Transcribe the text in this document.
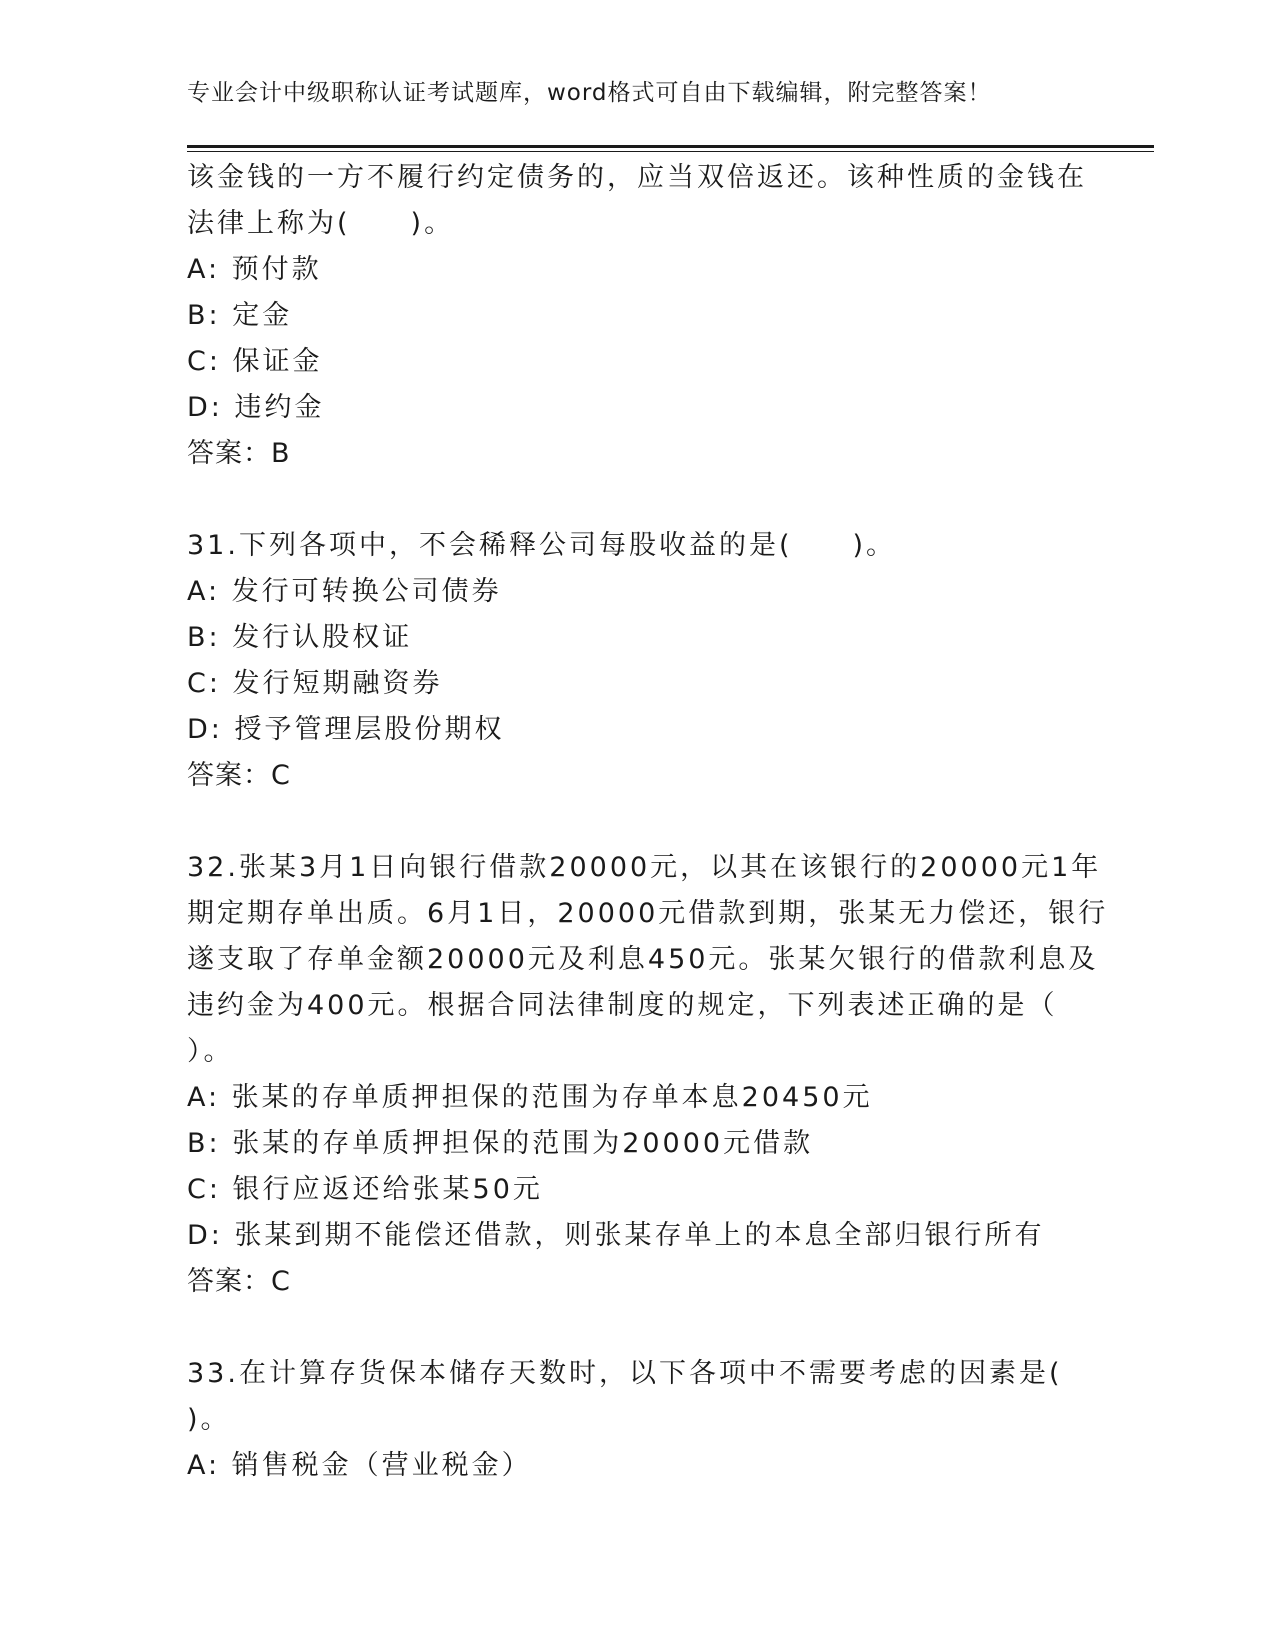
专业会计中级职称认证考试题库，word格式可自由下载编辑，附完整答案！
该金钱的一方不履行约定债务的，应当双倍返还。该种性质的金钱在
法律上称为(　　)。
A: 预付款
B: 定金
C: 保证金
D: 违约金
答案：B
31.下列各项中，不会稀释公司每股收益的是(　　)。
A: 发行可转换公司债券
B: 发行认股权证
C: 发行短期融资券
D: 授予管理层股份期权
答案：C
32.张某3月1日向银行借款20000元，以其在该银行的20000元1年
期定期存单出质。6月1日，20000元借款到期，张某无力偿还，银行
遂支取了存单金额20000元及利息450元。张某欠银行的借款利息及
违约金为400元。根据合同法律制度的规定，下列表述正确的是（
）。
A: 张某的存单质押担保的范围为存单本息20450元
B: 张某的存单质押担保的范围为20000元借款
C: 银行应返还给张某50元
D: 张某到期不能偿还借款，则张某存单上的本息全部归银行所有
答案：C
33.在计算存货保本储存天数时，以下各项中不需要考虑的因素是(
)。
A: 销售税金（营业税金）
